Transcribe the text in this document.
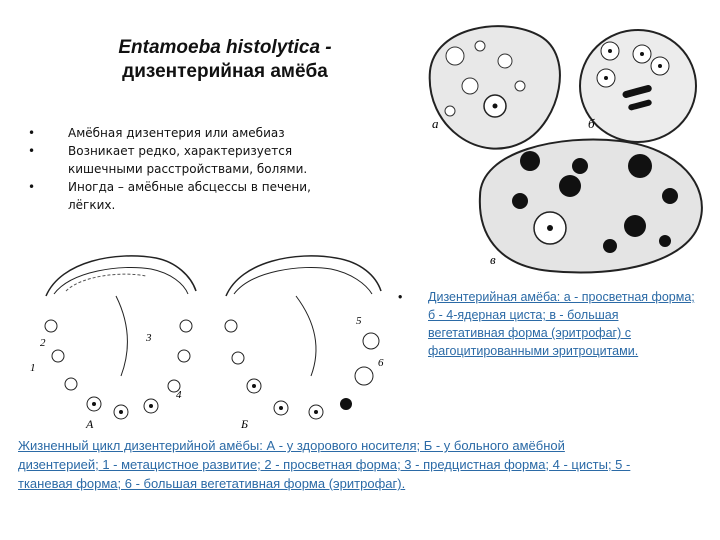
Entamoeba histolytica -
дизентерийная амёба
• Амёбная дизентерия или амебиаз
• Возникает редко, характеризуется кишечными расстройствами, болями.
• Иногда – амёбные абсцессы в печени, лёгких.
а	б
в
1
2	3
4
А
5
6
Б
• Дизентерийная амёба: а - просветная форма; б - 4-ядерная циста; в - большая вегетативная форма (эритрофаг) с фагоцитированными эритроцитами.
Жизненный цикл дизентерийной амёбы: А - у здорового носителя; Б - у больного амёбной дизентерией; 1 - метацистное развитие; 2 - просветная форма; 3 - предцистная форма; 4 - цисты; 5 - тканевая форма; 6 - большая вегетативная форма (эритрофаг).
